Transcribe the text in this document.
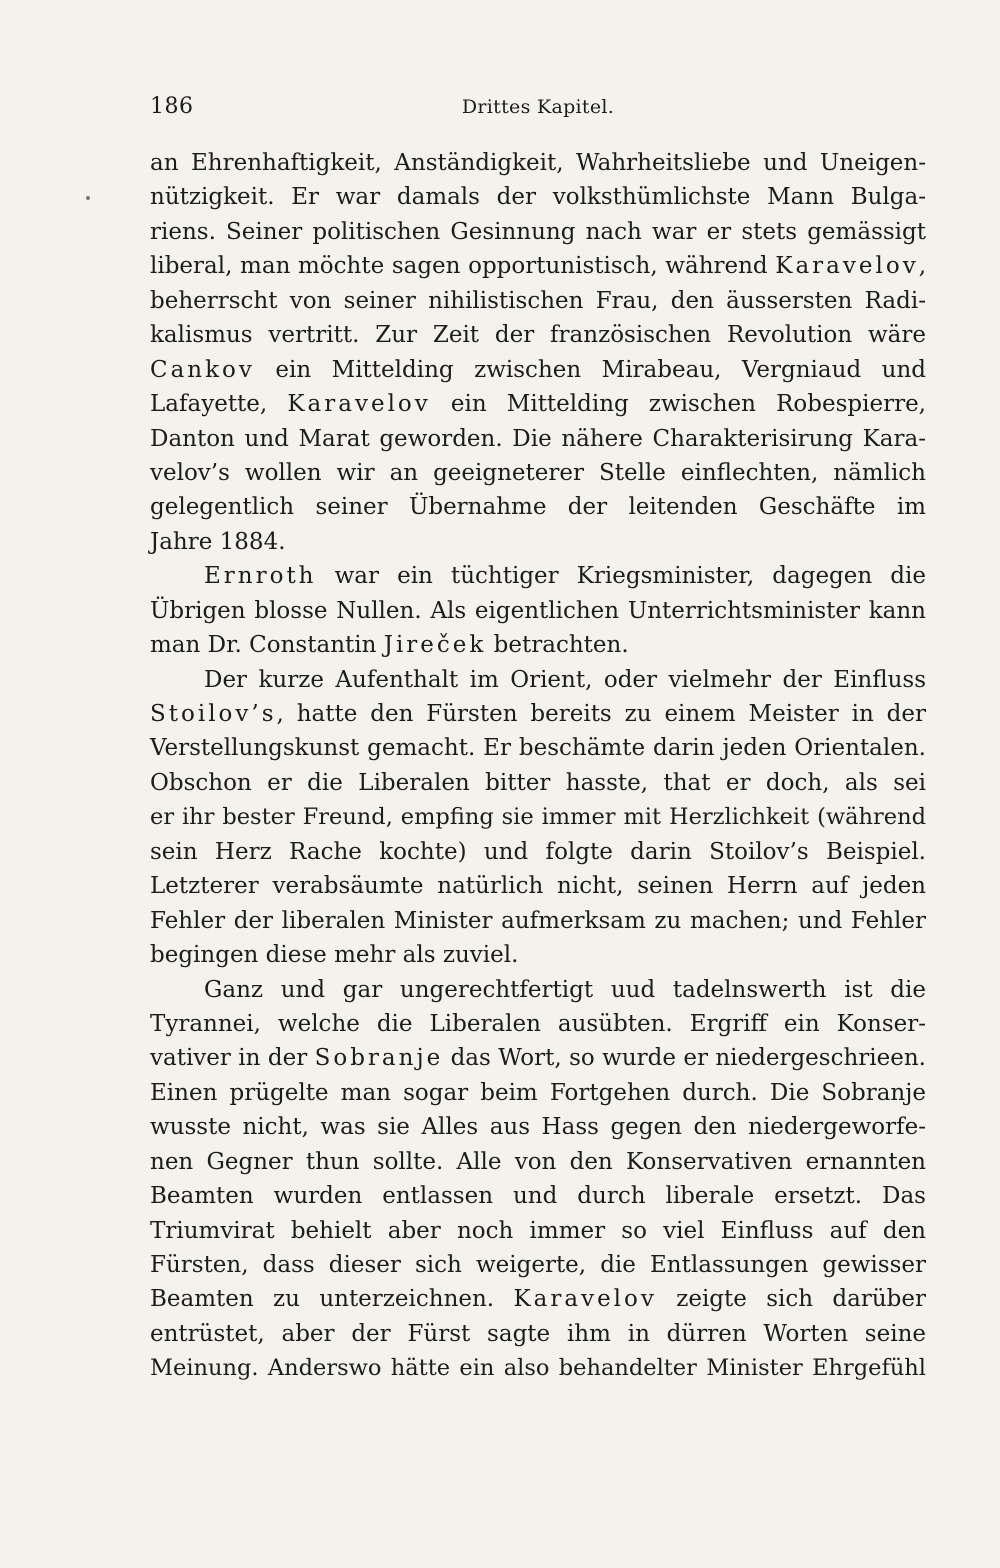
186	Drittes Kapitel.
an Ehrenhaftigkeit, Anständigkeit, Wahrheitsliebe und Uneigen-
nützigkeit. Er war damals der volksthümlichste Mann Bulga-
riens. Seiner politischen Gesinnung nach war er stets gemässigt
liberal, man möchte sagen opportunistisch, während Karavelov,
beherrscht von seiner nihilistischen Frau, den äussersten Radi-
kalismus vertritt. Zur Zeit der französischen Revolution wäre
Cankov ein Mittelding zwischen Mirabeau, Vergniaud und
Lafayette, Karavelov ein Mittelding zwischen Robespierre,
Danton und Marat geworden. Die nähere Charakterisirung Kara-
velov’s wollen wir an geeigneterer Stelle einflechten, nämlich
gelegentlich seiner Übernahme der leitenden Geschäfte im
Jahre 1884.
Ernroth war ein tüchtiger Kriegsminister, dagegen die
Übrigen blosse Nullen. Als eigentlichen Unterrichtsminister kann
man Dr. Constantin Jireček betrachten.
Der kurze Aufenthalt im Orient, oder vielmehr der Einfluss
Stoilov’s, hatte den Fürsten bereits zu einem Meister in der
Verstellungskunst gemacht. Er beschämte darin jeden Orientalen.
Obschon er die Liberalen bitter hasste, that er doch, als sei
er ihr bester Freund, empfing sie immer mit Herzlichkeit (während
sein Herz Rache kochte) und folgte darin Stoilov’s Beispiel.
Letzterer verabsäumte natürlich nicht, seinen Herrn auf jeden
Fehler der liberalen Minister aufmerksam zu machen; und Fehler
begingen diese mehr als zuviel.
Ganz und gar ungerechtfertigt uud tadelnswerth ist die
Tyrannei, welche die Liberalen ausübten. Ergriff ein Konser-
vativer in der Sobranje das Wort, so wurde er niedergeschrieen.
Einen prügelte man sogar beim Fortgehen durch. Die Sobranje
wusste nicht, was sie Alles aus Hass gegen den niedergeworfe-
nen Gegner thun sollte. Alle von den Konservativen ernannten
Beamten wurden entlassen und durch liberale ersetzt. Das
Triumvirat behielt aber noch immer so viel Einfluss auf den
Fürsten, dass dieser sich weigerte, die Entlassungen gewisser
Beamten zu unterzeichnen. Karavelov zeigte sich darüber
entrüstet, aber der Fürst sagte ihm in dürren Worten seine
Meinung. Anderswo hätte ein also behandelter Minister Ehrgefühl
